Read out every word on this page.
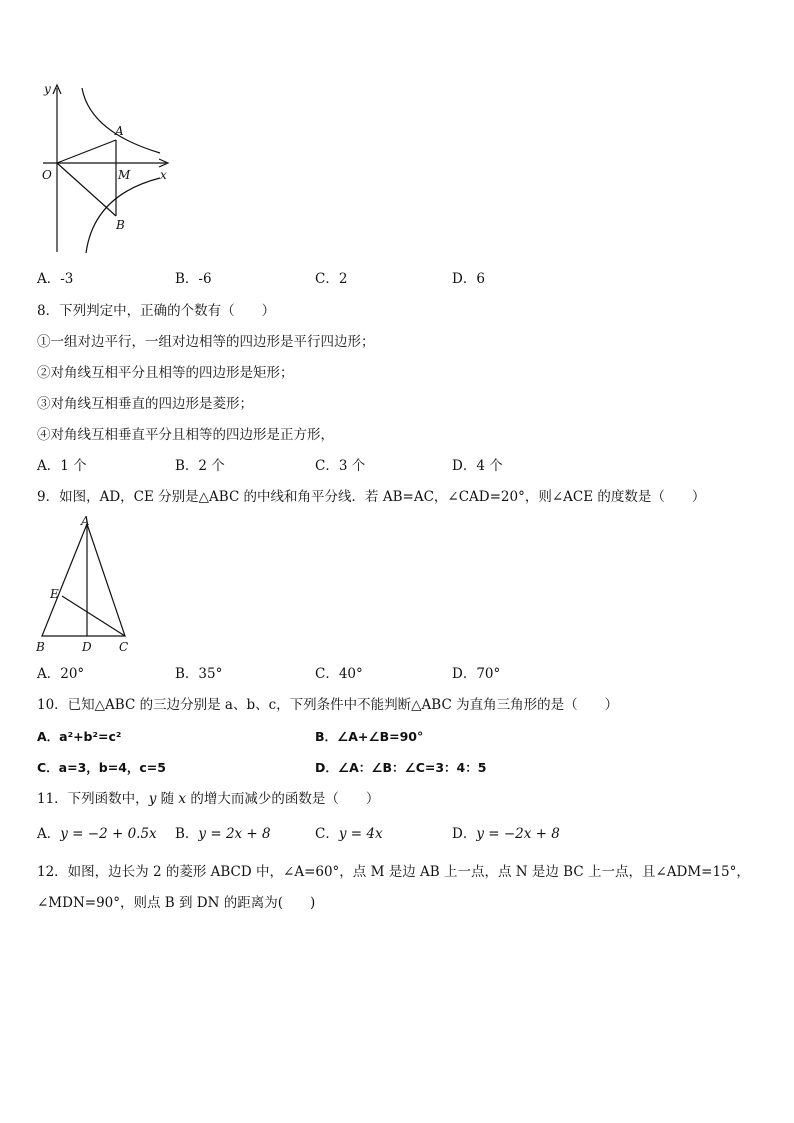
y
x
O
A
M
B
A．-3	B．-6	C．2	D．6
8．下列判定中，正确的个数有（　　）
①一组对边平行，一组对边相等的四边形是平行四边形；
②对角线互相平分且相等的四边形是矩形；
③对角线互相垂直的四边形是菱形；
④对角线互相垂直平分且相等的四边形是正方形，
A．1 个	B．2 个	C．3 个	D．4 个
9．如图，AD，CE 分别是△ABC 的中线和角平分线．若 AB=AC，∠CAD=20°，则∠ACE 的度数是（　　）
A
E
B	D C
A．20°	B．35°	C．40°	D．70°
10．已知△ABC 的三边分别是 a、b、c，下列条件中不能判断△ABC 为直角三角形的是（　　）
A．a²+b²=c²	B．∠A+∠B=90°
C．a=3，b=4，c=5	D．∠A：∠B：∠C=3：4：5
11．下列函数中，y 随 x 的增大而减少的函数是（　　）
A．y = −2 + 0.5x B．y = 2x + 8	C．y = 4x	D．y = −2x + 8
12．如图，边长为 2 的菱形 ABCD 中，∠A=60°，点 M 是边 AB 上一点，点 N 是边 BC 上一点，且∠ADM=15°，
∠MDN=90°，则点 B 到 DN 的距离为(　　)
